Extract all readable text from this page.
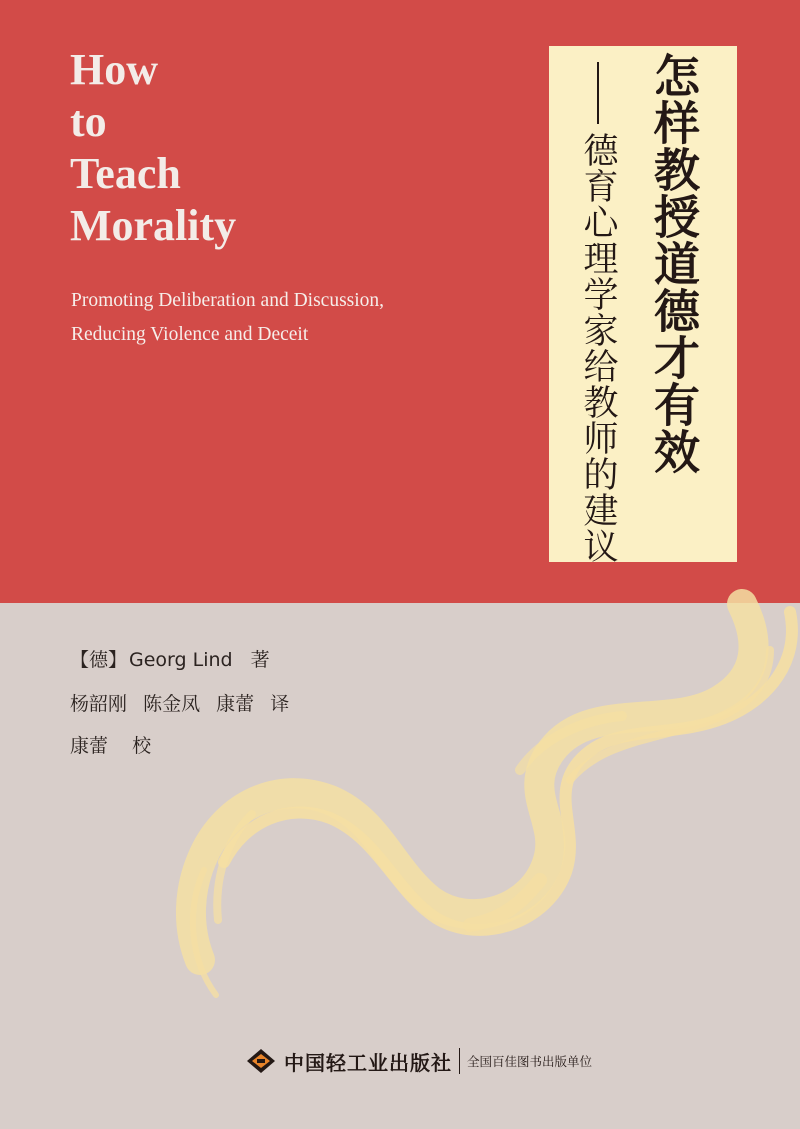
How
to
Teach
Morality

Promoting Deliberation and Discussion,
Reducing Violence and Deceit	怎样教授道德才有效

德育心理学家给教师的建议

【德】 Georg Lind 著

杨韶刚 陈金凤 康蕾 译

康蕾 校

中国轻工业出版社 全国百佳图书出版单位
